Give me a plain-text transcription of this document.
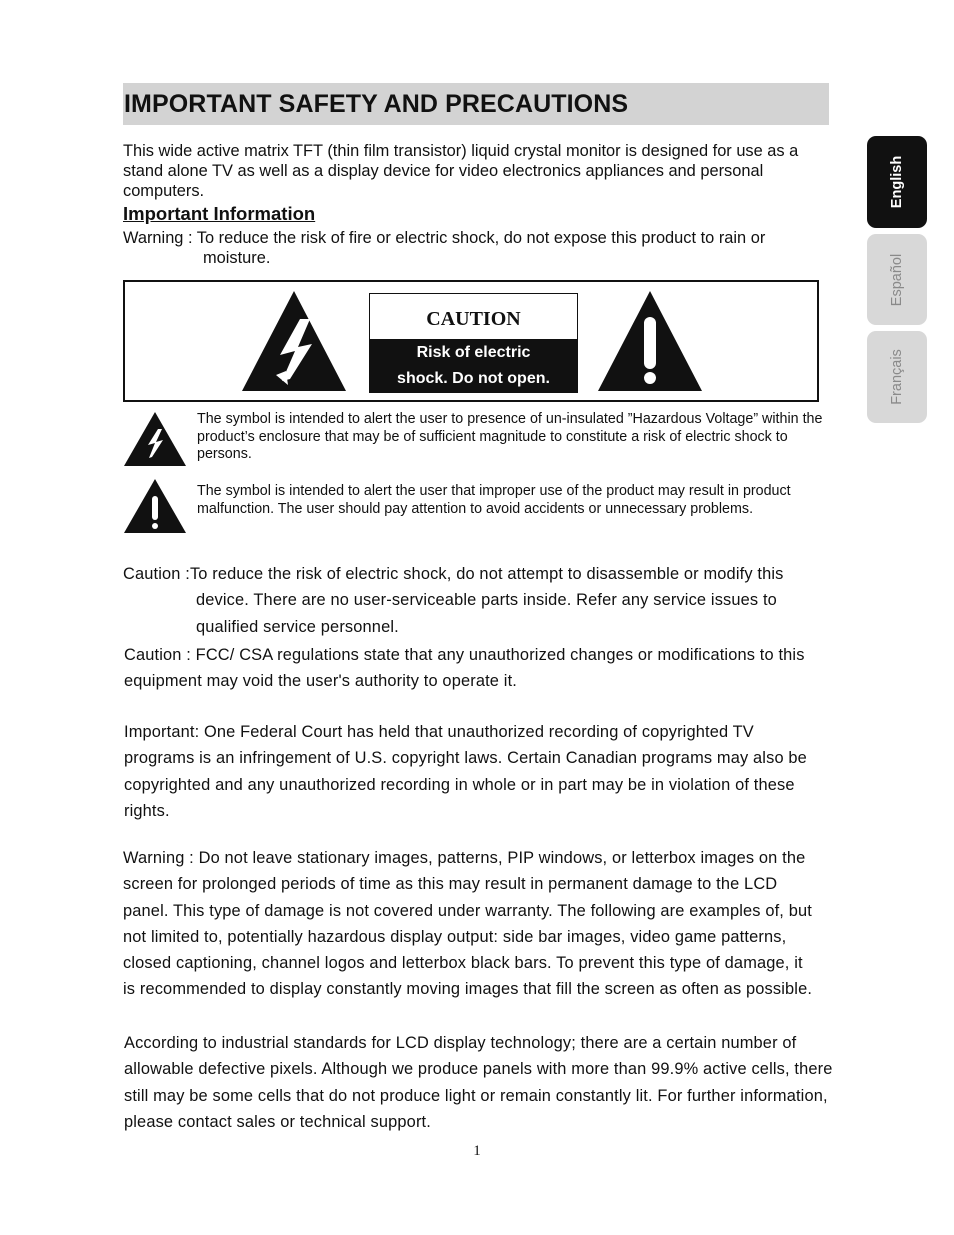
IMPORTANT SAFETY AND PRECAUTIONS

This wide active matrix TFT (thin film transistor) liquid crystal monitor is designed for use as a stand alone TV as well as a display device for video electronics appliances and personal computers.

Important Information
Warning : To reduce the risk of fire or electric shock, do not expose this product to rain or
moisture.
CAUTION
Risk of electric
shock. Do not open.

The symbol is intended to alert the user to presence of un-insulated ”Hazardous Voltage” within the product’s enclosure that may be of sufficient magnitude to constitute a risk of electric shock to persons.

The symbol is intended to alert the user that improper use of the product may result in product malfunction. The user should pay attention to avoid accidents or unnecessary problems.

Caution :To reduce the risk of electric shock, do not attempt to disassemble or modify this
device. There are no user-serviceable parts inside. Refer any service issues to qualified service personnel.

Caution : FCC/ CSA regulations state that any unauthorized changes or modifications to this equipment may void the user's authority to operate it.

Important: One Federal Court has held that unauthorized recording of copyrighted TV programs is an infringement of U.S. copyright laws. Certain Canadian programs may also be copyrighted and any unauthorized recording in whole or in part may be in violation of these rights.

Warning : Do not leave stationary images, patterns, PIP windows, or letterbox images on the screen for prolonged periods of time as this may result in permanent damage to the LCD panel. This type of damage is not covered under warranty. The following are examples of, but not limited to, potentially hazardous display output: side bar images, video game patterns, closed captioning, channel logos and letterbox black bars. To prevent this type of damage, it is recommended to display constantly moving images that fill the screen as often as possible.

According to industrial standards for LCD display technology; there are a certain number of allowable defective pixels. Although we produce panels with more than 99.9% active cells, there still may be some cells that do not produce light or remain constantly lit. For further information, please contact sales or technical support.

1
English
Español
Français
